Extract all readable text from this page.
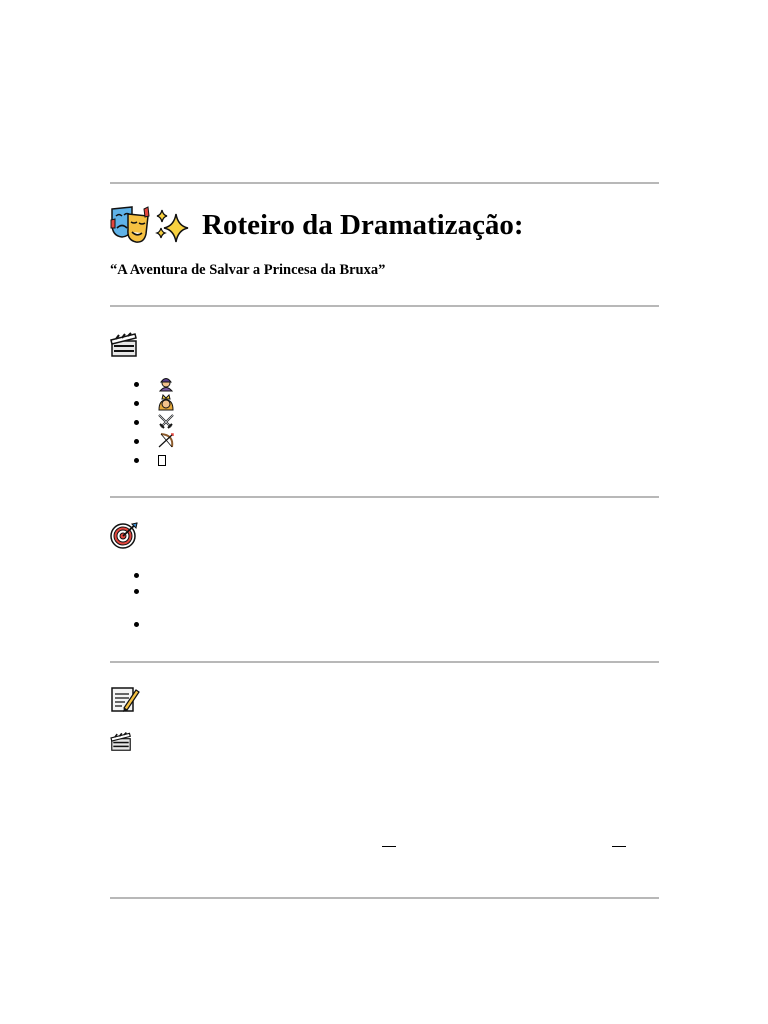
Roteiro da Dramatização:
“A Aventura de Salvar a Princesa da Bruxa”
